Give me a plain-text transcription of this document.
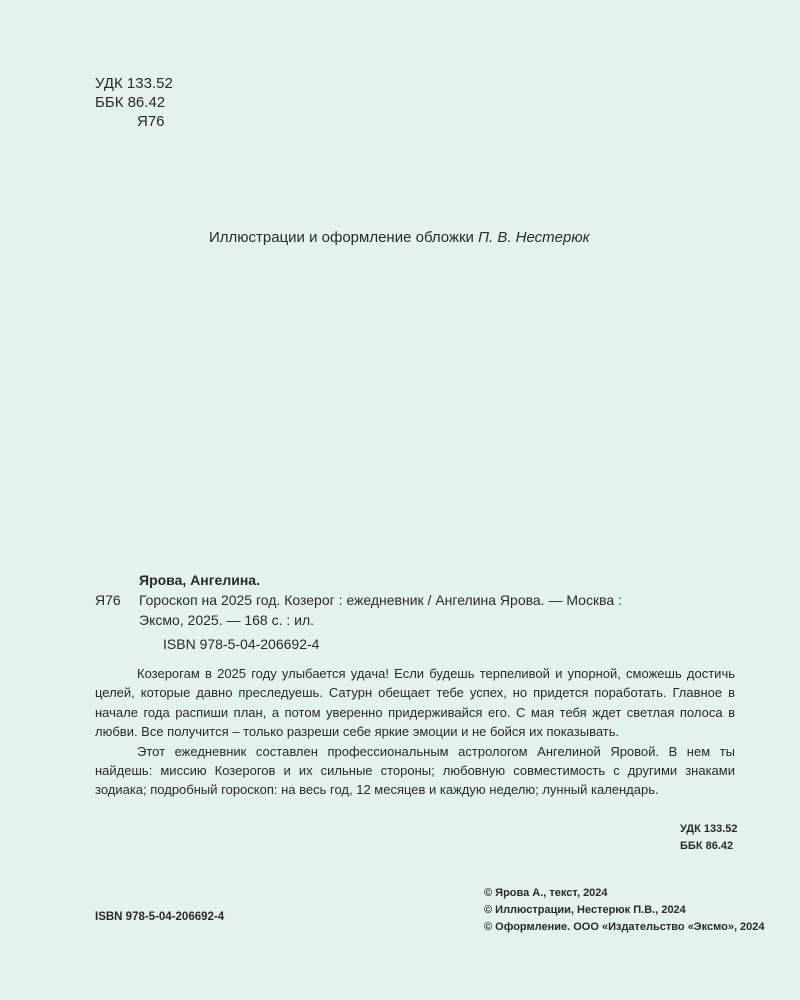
УДК 133.52
ББК 86.42
Я76
Иллюстрации и оформление обложки П. В. Нестерюк
Ярова, Ангелина.
Я76 Гороскоп на 2025 год. Козерог : ежедневник / Ангелина Ярова. — Москва :
Эксмо, 2025. — 168 с. : ил.
ISBN 978-5-04-206692-4

Козерогам в 2025 году улыбается удача! Если будешь терпеливой и упорной, сможешь достичь целей, которые давно преследуешь. Сатурн обещает тебе успех, но придется поработать. Главное в начале года распиши план, а потом уверенно придерживайся его. С мая тебя ждет светлая полоса в любви. Все получится – только разреши себе яркие эмоции и не бойся их показывать.

Этот ежедневник составлен профессиональным астрологом Ангелиной Яровой. В нем ты найдешь: миссию Козерогов и их сильные стороны; любовную совместимость с другими знаками зодиака; подробный гороскоп: на весь год, 12 месяцев и каждую неделю; лунный календарь.

УДК 133.52
ББК 86.42
© Ярова А., текст, 2024
© Иллюстрации, Нестерюк П.В., 2024
© Оформление. ООО «Издательство «Эксмо», 2024
ISBN 978-5-04-206692-4
